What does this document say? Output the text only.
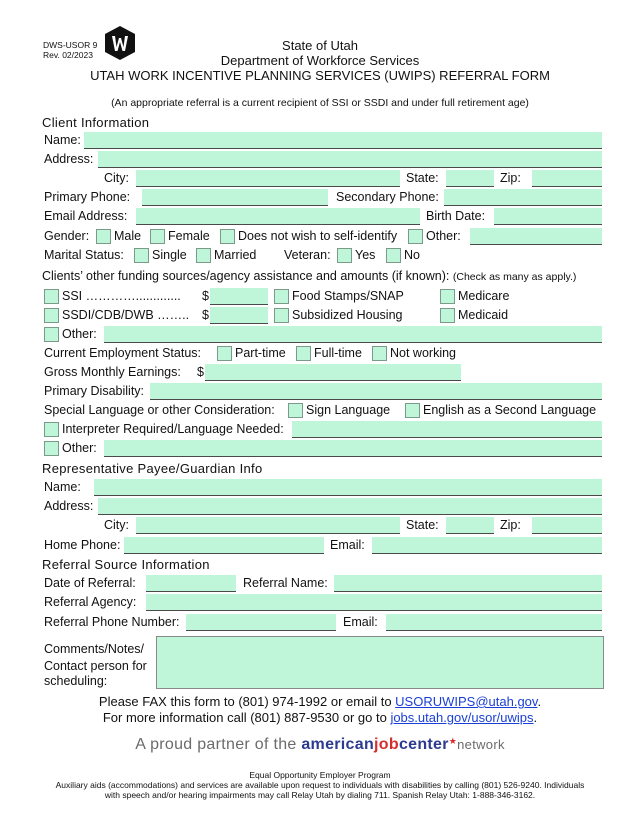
DWS-USOR 9
Rev. 02/2023
State of Utah
Department of Workforce Services
UTAH WORK INCENTIVE PLANNING SERVICES (UWIPS) REFERRAL FORM
(An appropriate referral is a current recipient of SSI or SSDI and under full retirement age)
Client Information
Name:
Address:
City:	State:	Zip:
Primary Phone:	Secondary Phone:
Email Address:	Birth Date:
Gender: Male Female Does not wish to self-identify Other:
Marital Status: Single Married Veteran: Yes No
Clients’ other funding sources/agency assistance and amounts (if known): (Check as many as apply.)
SSI …………............. $	Food Stamps/SNAP	Medicare
SSDI/CDB/DWB …….. $	Subsidized Housing	Medicaid
Other:
Current Employment Status:	Part-time Full-time Not working
Gross Monthly Earnings: $
Primary Disability:
Special Language or other Consideration:	Sign Language	English as a Second Language
Interpreter Required/Language Needed:
Other:
Representative Payee/Guardian Info
Name:
Address:
City:	State:	Zip:
Home Phone:	Email:
Referral Source Information
Date of Referral:	Referral Name:
Referral Agency:
Referral Phone Number:	Email:
Comments/Notes/
Contact person for
scheduling:
Please FAX this form to (801) 974-1992 or email to USORUWIPS@utah.gov.
For more information call (801) 887-9530 or go to jobs.utah.gov/usor/uwips.
A proud partner of the americanjobcenter★network
Equal Opportunity Employer Program
Auxiliary aids (accommodations) and services are available upon request to individuals with disabilities by calling (801) 526-9240. Individuals
with speech and/or hearing impairments may call Relay Utah by dialing 711. Spanish Relay Utah: 1-888-346-3162.
